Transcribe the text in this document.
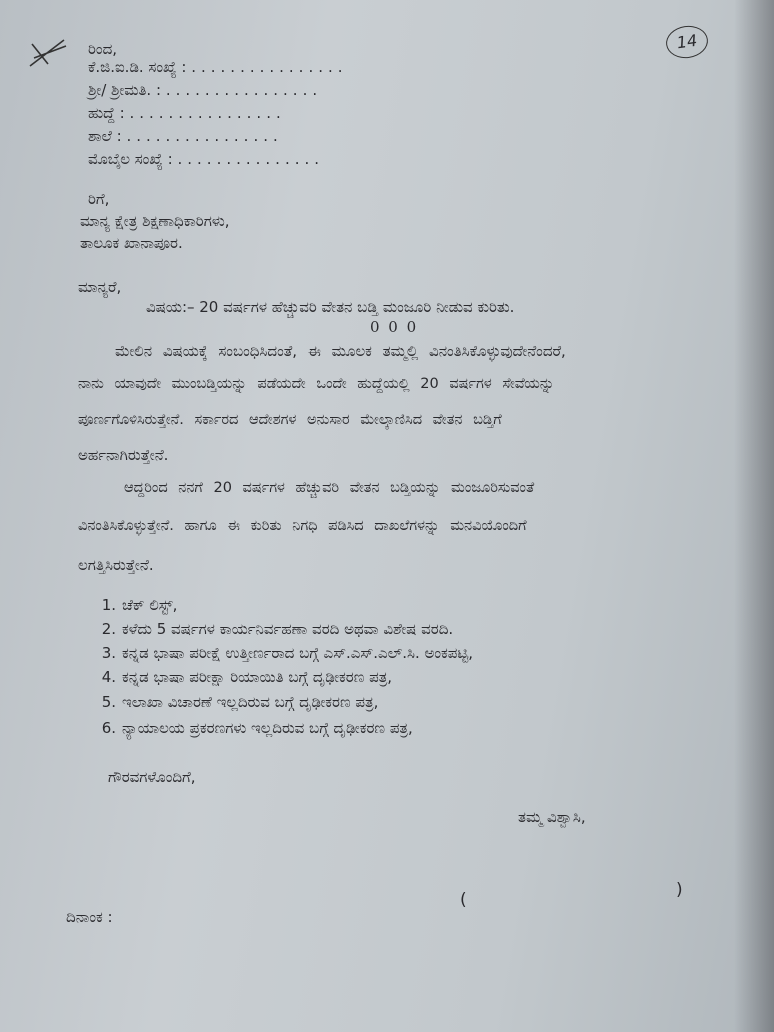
14
ರಿಂದ,
ಕೆ.ಜಿ.ಐ.ಡಿ. ಸಂಖ್ಯೆ : ................
ಶ್ರೀ/ ಶ್ರೀಮತಿ. : ................
ಹುದ್ದೆ : ................
ಶಾಲೆ : ................
ಮೊಬೈಲ ಸಂಖ್ಯೆ : ...............
ರಿಗೆ,
ಮಾನ್ಯ ಕ್ಷೇತ್ರ ಶಿಕ್ಷಣಾಧಿಕಾರಿಗಳು,
ತಾಲೂಕ ಖಾನಾಪೂರ.
ಮಾನ್ಯರೆ,
ವಿಷಯ:– 20 ವರ್ಷಗಳ ಹೆಚ್ಚುವರಿ ವೇತನ ಬಡ್ತಿ ಮಂಜೂರಿ ನೀಡುವ ಕುರಿತು.
0 0 0
ಮೇಲಿನ ವಿಷಯಕ್ಕೆ ಸಂಬಂಧಿಸಿದಂತೆ, ಈ ಮೂಲಕ ತಮ್ಮಲ್ಲಿ ವಿನಂತಿಸಿಕೊಳ್ಳುವುದೇನೆಂದರೆ,
ನಾನು ಯಾವುದೇ ಮುಂಬಡ್ತಿಯನ್ನು ಪಡೆಯದೇ ಒಂದೇ ಹುದ್ದೆಯಲ್ಲಿ 20 ವರ್ಷಗಳ ಸೇವೆಯನ್ನು
ಪೂರ್ಣಗೊಳಿಸಿರುತ್ತೇನೆ. ಸರ್ಕಾರದ ಆದೇಶಗಳ ಅನುಸಾರ ಮೇಲ್ಕಾಣಿಸಿದ ವೇತನ ಬಡ್ತಿಗೆ
ಅರ್ಹನಾಗಿರುತ್ತೇನೆ.
ಆದ್ದರಿಂದ ನನಗೆ 20 ವರ್ಷಗಳ ಹೆಚ್ಚುವರಿ ವೇತನ ಬಡ್ತಿಯನ್ನು ಮಂಜೂರಿಸುವಂತೆ
ವಿನಂತಿಸಿಕೊಳ್ಳುತ್ತೇನೆ. ಹಾಗೂ ಈ ಕುರಿತು ನಿಗಧಿ ಪಡಿಸಿದ ದಾಖಲೆಗಳನ್ನು ಮನವಿಯೊಂದಿಗೆ
ಲಗತ್ತಿಸಿರುತ್ತೇನೆ.
1. ಚೆಕ್ ಲಿಸ್ಟ್,
2. ಕಳೆದು 5 ವರ್ಷಗಳ ಕಾರ್ಯನಿರ್ವಹಣಾ ವರದಿ ಅಥವಾ ವಿಶೇಷ ವರದಿ.
3. ಕನ್ನಡ ಭಾಷಾ ಪರೀಕ್ಷೆ ಉತ್ತೀರ್ಣರಾದ ಬಗ್ಗೆ ಎಸ್.ಎಸ್.ಎಲ್.ಸಿ. ಅಂಕಪಟ್ಟಿ,
4. ಕನ್ನಡ ಭಾಷಾ ಪರೀಕ್ಷಾ ರಿಯಾಯಿತಿ ಬಗ್ಗೆ ದೃಢೀಕರಣ ಪತ್ರ,
5. ಇಲಾಖಾ ವಿಚಾರಣೆ ಇಲ್ಲದಿರುವ ಬಗ್ಗೆ ದೃಢೀಕರಣ ಪತ್ರ,
6. ನ್ಯಾಯಾಲಯ ಪ್ರಕರಣಗಳು ಇಲ್ಲದಿರುವ ಬಗ್ಗೆ ದೃಢೀಕರಣ ಪತ್ರ,
ಗೌರವಗಳೊಂದಿಗೆ,
ತಮ್ಮ ವಿಶ್ವಾಸಿ,
(	)
ದಿನಾಂಕ :
